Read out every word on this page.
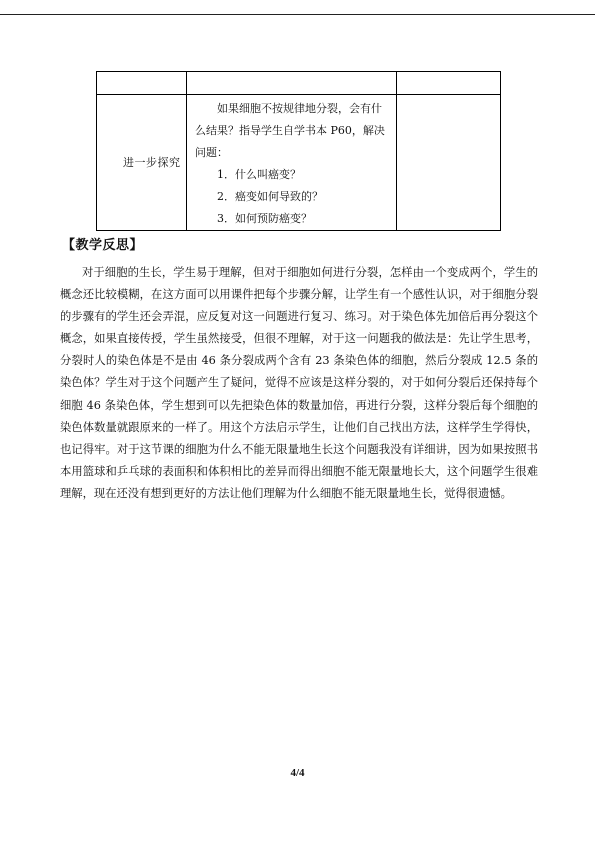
进一步探究	如果细胞不按规律地分裂，会有什么结果？指导学生自学书本 P60，解决问题：

1．什么叫癌变？

2．癌变如何导致的？

3．如何预防癌变？	

【教学反思】

对于细胞的生长，学生易于理解，但对于细胞如何进行分裂，怎样由一个变成两个，学生的概念还比较模糊，在这方面可以用课件把每个步骤分解，让学生有一个感性认识，对于细胞分裂的步骤有的学生还会弄混，应反复对这一问题进行复习、练习。对于染色体先加倍后再分裂这个概念，如果直接传授，学生虽然接受，但很不理解，对于这一问题我的做法是：先让学生思考，分裂时人的染色体是不是由 46 条分裂成两个含有 23 条染色体的细胞，然后分裂成 12.5 条的染色体？学生对于这个问题产生了疑问，觉得不应该是这样分裂的，对于如何分裂后还保持每个细胞 46 条染色体，学生想到可以先把染色体的数量加倍，再进行分裂，这样分裂后每个细胞的染色体数量就跟原来的一样了。用这个方法启示学生，让他们自己找出方法，这样学生学得快，也记得牢。对于这节课的细胞为什么不能无限量地生长这个问题我没有详细讲，因为如果按照书本用篮球和乒乓球的表面积和体积相比的差异而得出细胞不能无限量地长大，这个问题学生很难理解，现在还没有想到更好的方法让他们理解为什么细胞不能无限量地生长，觉得很遗憾。

4/4
